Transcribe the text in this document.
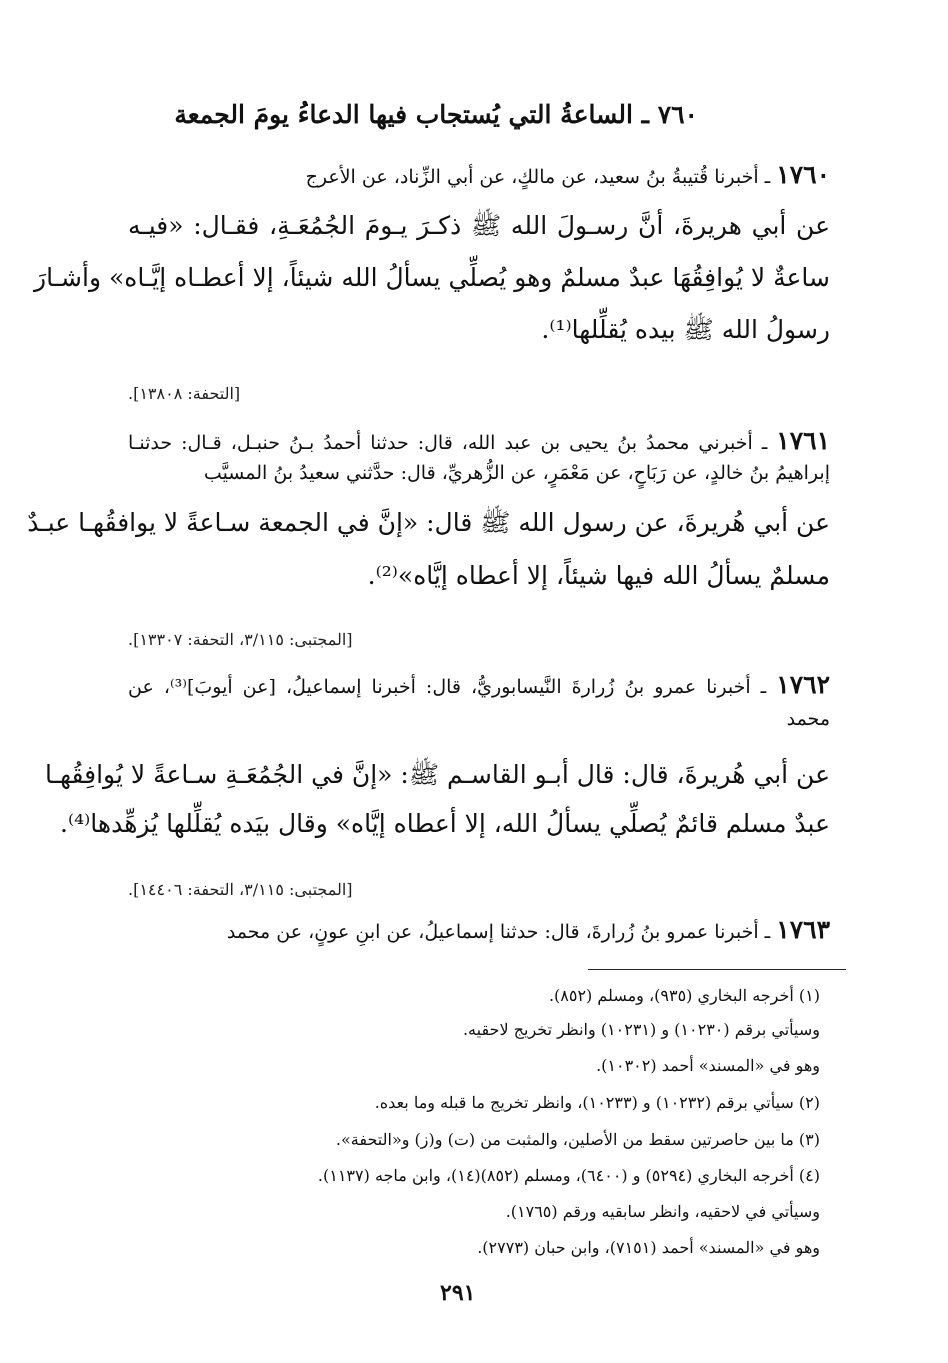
٧٦٠ ـ الساعةُ التي يُستجاب فيها الدعاءُ يومَ الجمعة
١٧٦٠ ـ أخبرنا قُتيبةُ بنُ سعيد، عن مالكٍ، عن أبي الزِّناد، عن الأعرج
عن أبي هريرةَ، أنَّ رسـولَ الله ﷺ ذكـرَ يـومَ الجُمُعَـةِ، فقـال: «فيـه
ساعةٌ لا يُوافِقُهَا عبدٌ مسلمٌ وهو يُصلِّي يسألُ الله شيئاً، إلا أعطـاه إيَّـاه» وأشـارَ
رسولُ الله ﷺ بيده يُقلِّلها⁽¹⁾.
[التحفة: ١٣٨٠٨].
١٧٦١ ـ أخبرني محمدُ بنُ يحيى بن عبد الله، قال: حدثنا أحمدُ بـنُ حنبـل، قـال: حدثنـا
إبراهيمُ بنُ خالدٍ، عن رَبَاحٍ، عن مَعْمَرٍ، عن الزُّهريِّ، قال: حدَّثني سعيدُ بنُ المسيَّب
عن أبي هُريرةَ، عن رسول الله ﷺ قال: «إنَّ في الجمعة سـاعةً لا يوافقُهـا عبـدٌ
مسلمٌ يسألُ الله فيها شيئاً، إلا أعطاه إيَّاه»⁽²⁾.
[المجتبى: ٣/١١٥، التحفة: ١٣٣٠٧].
١٧٦٢ ـ أخبرنا عمرو بنُ زُرارةَ النَّيسابوريُّ، قال: أخبرنا إسماعيلُ، [عن أيوبَ]⁽³⁾، عن
محمد
عن أبي هُريرةَ، قال: قال أبـو القاسـم ﷺ: «إنَّ في الجُمُعَـةِ سـاعةً لا يُوافِقُهـا
عبدٌ مسلم قائمٌ يُصلِّي يسألُ الله، إلا أعطاه إيَّاه» وقال بيَده يُقلِّلها يُزهِّدها⁽⁴⁾.
[المجتبى: ٣/١١٥، التحفة: ١٤٤٠٦].
١٧٦٣ ـ أخبرنا عمرو بنُ زُرارةَ، قال: حدثنا إسماعيلُ، عن ابنِ عونٍ، عن محمد
(١) أخرجه البخاري (٩٣٥)، ومسلم (٨٥٢).
وسيأتي برقم (١٠٢٣٠) و (١٠٢٣١) وانظر تخريج لاحقيه.
وهو في «المسند» أحمد (١٠٣٠٢).
(٢) سيأتي برقم (١٠٢٣٢) و (١٠٢٣٣)، وانظر تخريج ما قبله وما بعده.
(٣) ما بين حاصرتين سقط من الأصلين، والمثبت من (ت) و(ز) و«التحفة».
(٤) أخرجه البخاري (٥٢٩٤) و (٦٤٠٠)، ومسلم (٨٥٢)(١٤)، وابن ماجه (١١٣٧).
وسيأتي في لاحقيه، وانظر سابقيه ورقم (١٧٦٥).
وهو في «المسند» أحمد (٧١٥١)، وابن حبان (٢٧٧٣).
٢٩١
